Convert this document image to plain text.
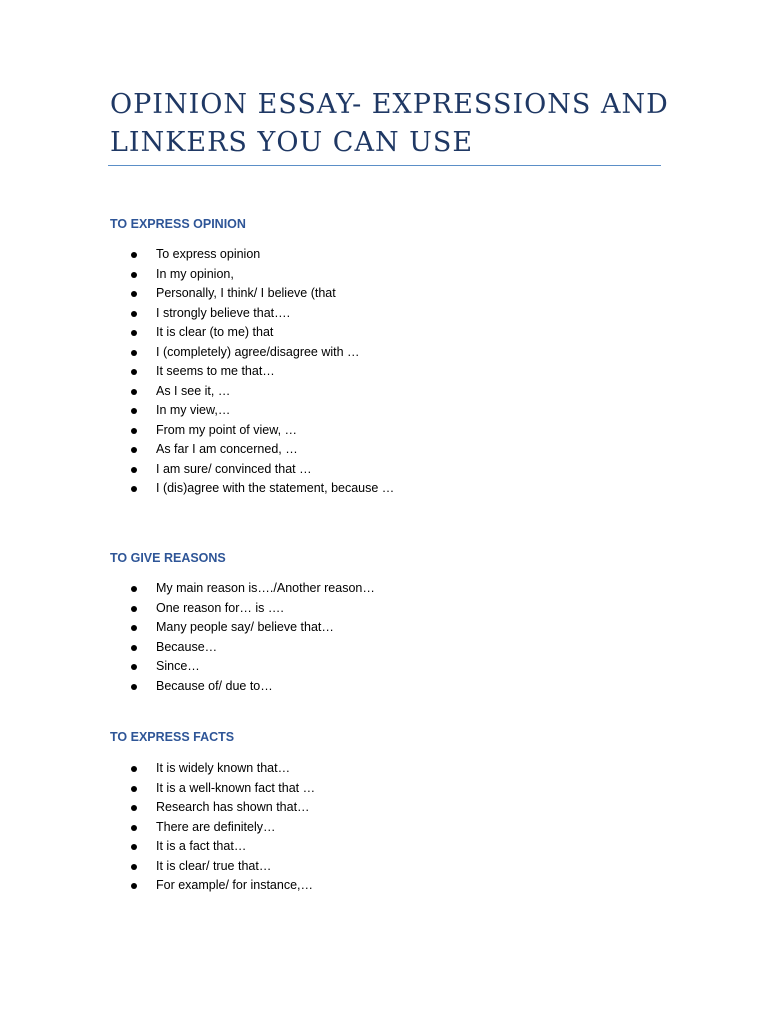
OPINION ESSAY- EXPRESSIONS AND
LINKERS YOU CAN USE
TO EXPRESS OPINION
To express opinion
In my opinion,
Personally, I think/ I believe (that
I strongly believe that….
It is clear (to me) that
I (completely) agree/disagree with …
It seems to me that…
As I see it, …
In my view,…
From my point of view, …
As far I am concerned, …
I am sure/ convinced that …
I (dis)agree with the statement, because …
TO GIVE REASONS
My main reason is…./Another reason…
One reason for… is ….
Many people say/ believe that…
Because…
Since…
Because of/ due to…
TO EXPRESS FACTS
It is widely known that…
It is a well-known fact that …
Research has shown that…
There are definitely…
It is a fact that…
It is clear/ true that…
For example/ for instance,…
